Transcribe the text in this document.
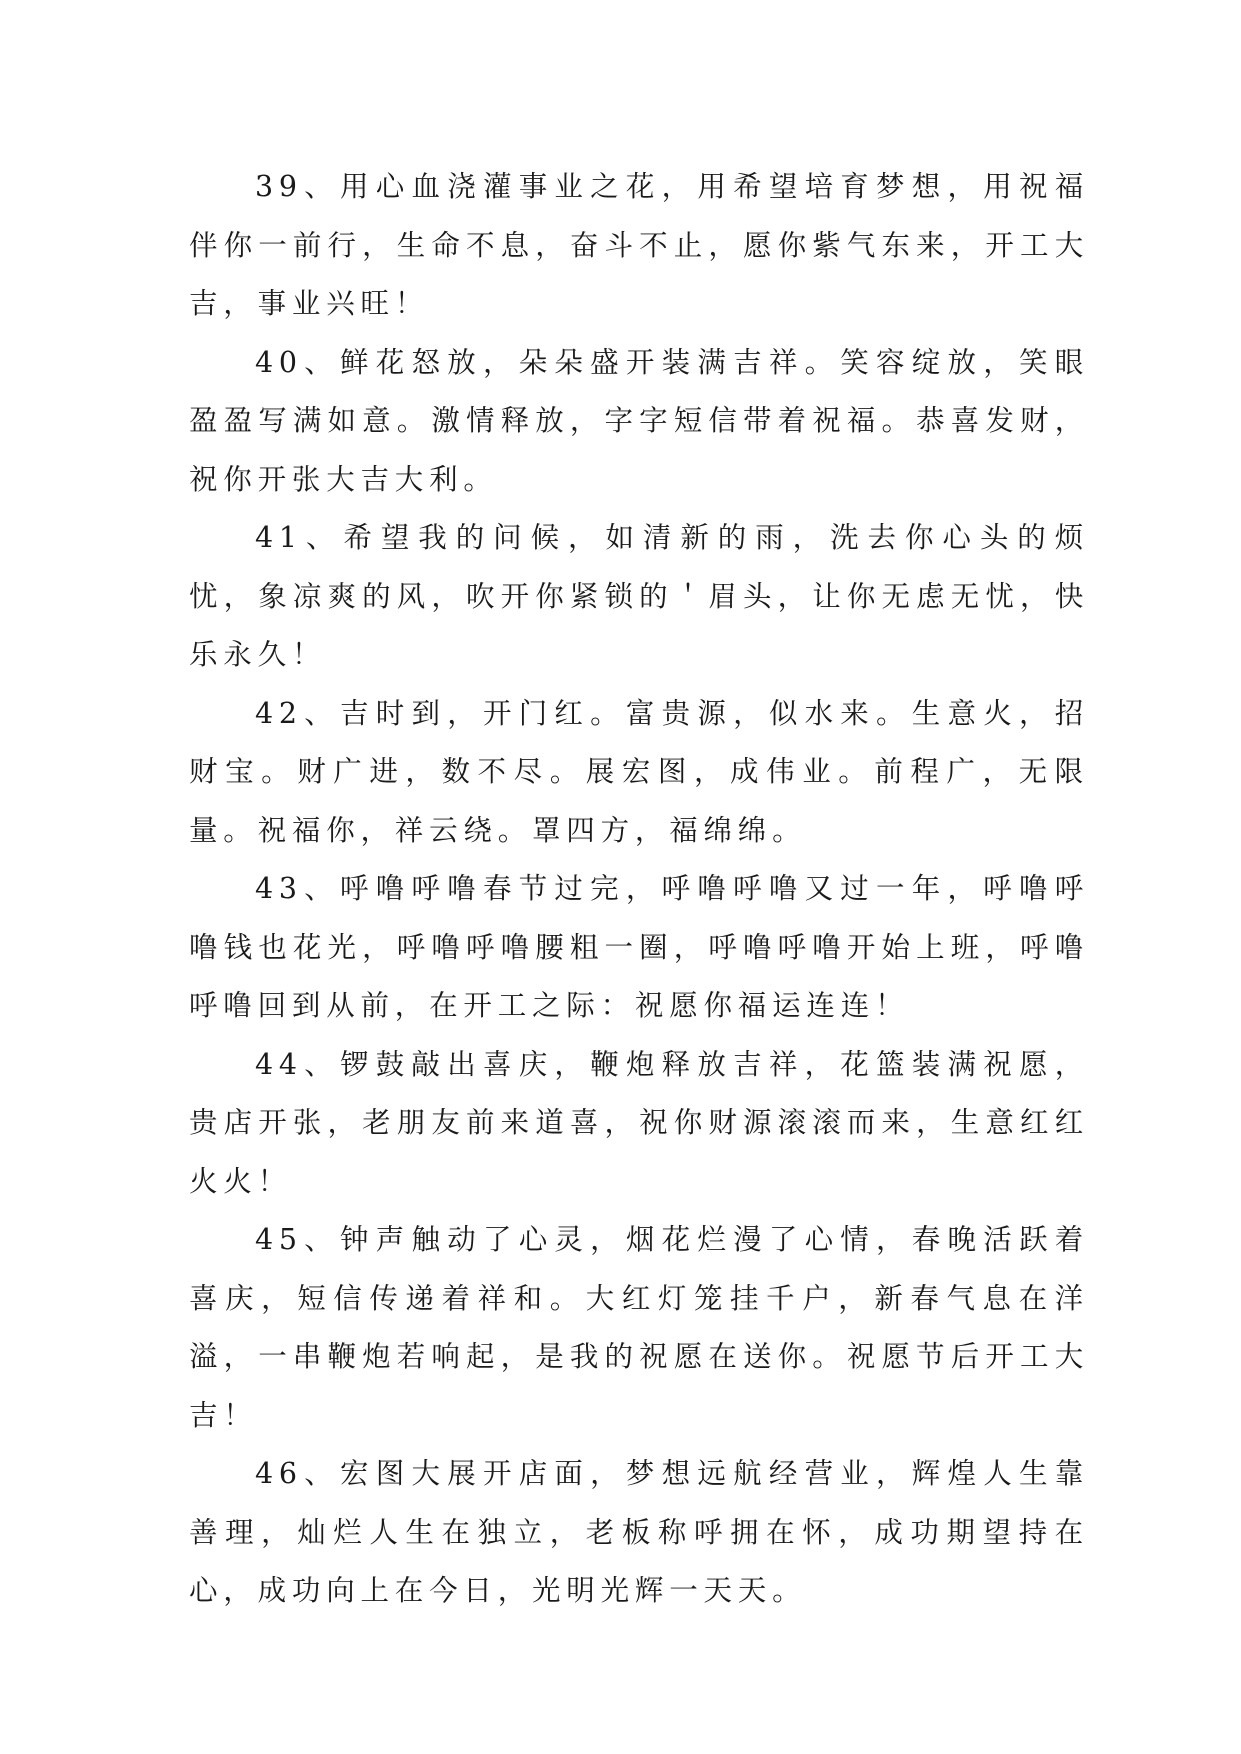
39、用心血浇灌事业之花，用希望培育梦想，用祝福伴你一前行，生命不息，奋斗不止，愿你紫气东来，开工大吉，事业兴旺！

40、鲜花怒放，朵朵盛开装满吉祥。笑容绽放，笑眼盈盈写满如意。激情释放，字字短信带着祝福。恭喜发财，祝你开张大吉大利。

41、希望我的问候，如清新的雨，洗去你心头的烦忧，象凉爽的风，吹开你紧锁的＇眉头，让你无虑无忧，快乐永久！

42、吉时到，开门红。富贵源，似水来。生意火，招财宝。财广进，数不尽。展宏图，成伟业。前程广，无限量。祝福你，祥云绕。罩四方，福绵绵。

43、呼噜呼噜春节过完，呼噜呼噜又过一年，呼噜呼噜钱也花光，呼噜呼噜腰粗一圈，呼噜呼噜开始上班，呼噜呼噜回到从前，在开工之际：祝愿你福运连连！

44、锣鼓敲出喜庆，鞭炮释放吉祥，花篮装满祝愿，贵店开张，老朋友前来道喜，祝你财源滚滚而来，生意红红火火！

45、钟声触动了心灵，烟花烂漫了心情，春晚活跃着喜庆，短信传递着祥和。大红灯笼挂千户，新春气息在洋溢，一串鞭炮若响起，是我的祝愿在送你。祝愿节后开工大吉！

46、宏图大展开店面，梦想远航经营业，辉煌人生靠善理，灿烂人生在独立，老板称呼拥在怀，成功期望持在心，成功向上在今日，光明光辉一天天。
